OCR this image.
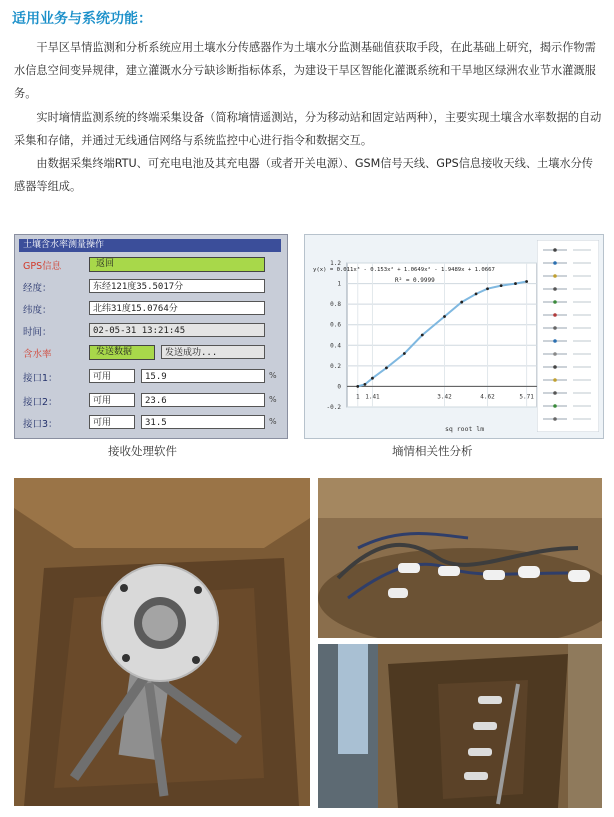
适用业务与系统功能：

干旱区旱情监测和分析系统应用土壤水分传感器作为土壤水分监测基础值获取手段，在此基础上研究，揭示作物需水信息空间变异规律，建立灌溉水分亏缺诊断指标体系，为建设干旱区智能化灌溉系统和干旱地区绿洲农业节水灌溉服务。

实时墒情监测系统的终端采集设备（简称墒情遥测站，分为移动站和固定站两种），主要实现土壤含水率数据的自动采集和存储，并通过无线通信网络与系统监控中心进行指令和数据交互。

由数据采集终端RTU、可充电电池及其充电器（或者开关电源）、GSM信号天线、GPS信息接收天线、土壤水分传感器等组成。

土壤含水率测量操作
GPS信息	返回
经度：	东经121度35.5017分
纬度：	北纬31度15.0764分
时间：	02-05-31 13:21:45
含水率	发送数据	发送成功...
接口1：	可用	15.9	%
接口2：	可用	23.6	%
接口3：	可用	31.5	%
1.2
1
0.8
0.6
0.4
0.2
0
-0.2
1 1.41	3.42	4.62	5.71
y(x) = 0.011x³ - 0.153x² + 1.0649x² - 1.9489x + 1.0667
R² = 0.9999
sq root lm
接收处理软件	墒情相关性分析
